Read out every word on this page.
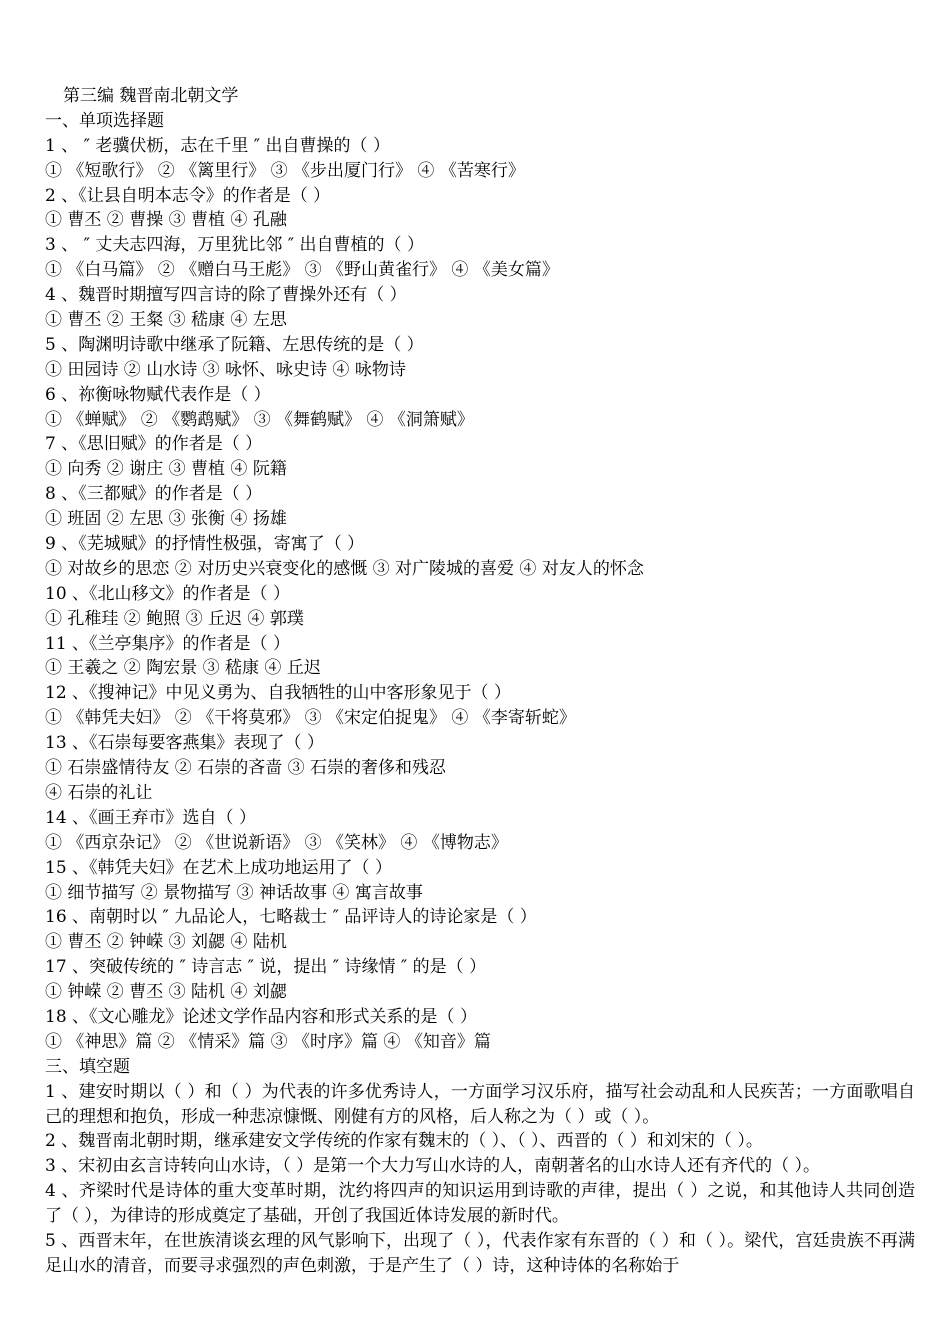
第三编 魏晋南北朝文学
一、单项选择题
1 、 ″ 老骥伏枥，志在千里 ″ 出自曹操的（ ）
① 《短歌行》 ② 《篱里行》 ③ 《步出厦门行》 ④ 《苦寒行》
2 、《让县自明本志令》的作者是（ ）
① 曹丕 ② 曹操 ③ 曹植 ④ 孔融
3 、 ″ 丈夫志四海，万里犹比邻 ″ 出自曹植的（ ）
① 《白马篇》 ② 《赠白马王彪》 ③ 《野山黄雀行》 ④ 《美女篇》
4 、魏晋时期擅写四言诗的除了曹操外还有（ ）
① 曹丕 ② 王粲 ③ 嵇康 ④ 左思
5 、陶渊明诗歌中继承了阮籍、左思传统的是（ ）
① 田园诗 ② 山水诗 ③ 咏怀、咏史诗 ④ 咏物诗
6 、祢衡咏物赋代表作是（ ）
① 《蝉赋》 ② 《鹦鹉赋》 ③ 《舞鹤赋》 ④ 《洞箫赋》
7 、《思旧赋》的作者是（ ）
① 向秀 ② 谢庄 ③ 曹植 ④ 阮籍
8 、《三都赋》的作者是（ ）
① 班固 ② 左思 ③ 张衡 ④ 扬雄
9 、《芜城赋》的抒情性极强，寄寓了（ ）
① 对故乡的思恋 ② 对历史兴衰变化的感慨 ③ 对广陵城的喜爱 ④ 对友人的怀念
10 、《北山移文》的作者是（ ）
① 孔稚珪 ② 鲍照 ③ 丘迟 ④ 郭璞
11 、《兰亭集序》的作者是（ ）
① 王羲之 ② 陶宏景 ③ 嵇康 ④ 丘迟
12 、《搜神记》中见义勇为、自我牺牲的山中客形象见于（ ）
① 《韩凭夫妇》 ② 《干将莫邪》 ③ 《宋定伯捉鬼》 ④ 《李寄斩蛇》
13 、《石崇每要客燕集》表现了（ ）
① 石崇盛情待友 ② 石崇的吝啬 ③ 石崇的奢侈和残忍
④ 石崇的礼让
14 、《画王弃市》选自（ ）
① 《西京杂记》 ② 《世说新语》 ③ 《笑林》 ④ 《博物志》
15 、《韩凭夫妇》在艺术上成功地运用了（ ）
① 细节描写 ② 景物描写 ③ 神话故事 ④ 寓言故事
16 、南朝时以 ″ 九品论人，七略裁士 ″ 品评诗人的诗论家是（ ）
① 曹丕 ② 钟嵘 ③ 刘勰 ④ 陆机
17 、突破传统的 ″ 诗言志 ″ 说，提出 ″ 诗缘情 ″ 的是（ ）
① 钟嵘 ② 曹丕 ③ 陆机 ④ 刘勰
18 、《文心雕龙》论述文学作品内容和形式关系的是（ ）
① 《神思》篇 ② 《情采》篇 ③ 《时序》篇 ④ 《知音》篇
三、填空题
1 、建安时期以（ ）和（ ）为代表的许多优秀诗人，一方面学习汉乐府，描写社会动乱和人民疾苦；一方面歌唱自己的理想和抱负，形成一种悲凉慷慨、刚健有方的风格，后人称之为（ ）或（ ）。
2 、魏晋南北朝时期，继承建安文学传统的作家有魏末的（ ）、（ ）、西晋的（ ）和刘宋的（ ）。
3 、宋初由玄言诗转向山水诗，（ ）是第一个大力写山水诗的人，南朝著名的山水诗人还有齐代的（ ）。
4 、齐梁时代是诗体的重大变革时期，沈约将四声的知识运用到诗歌的声律，提出（ ）之说，和其他诗人共同创造了（ ），为律诗的形成奠定了基础，开创了我国近体诗发展的新时代。
5 、西晋末年，在世族清谈玄理的风气影响下，出现了（ ），代表作家有东晋的（ ）和（ ）。梁代，宫廷贵族不再满足山水的清音，而要寻求强烈的声色刺激，于是产生了（ ）诗，这种诗体的名称始于
